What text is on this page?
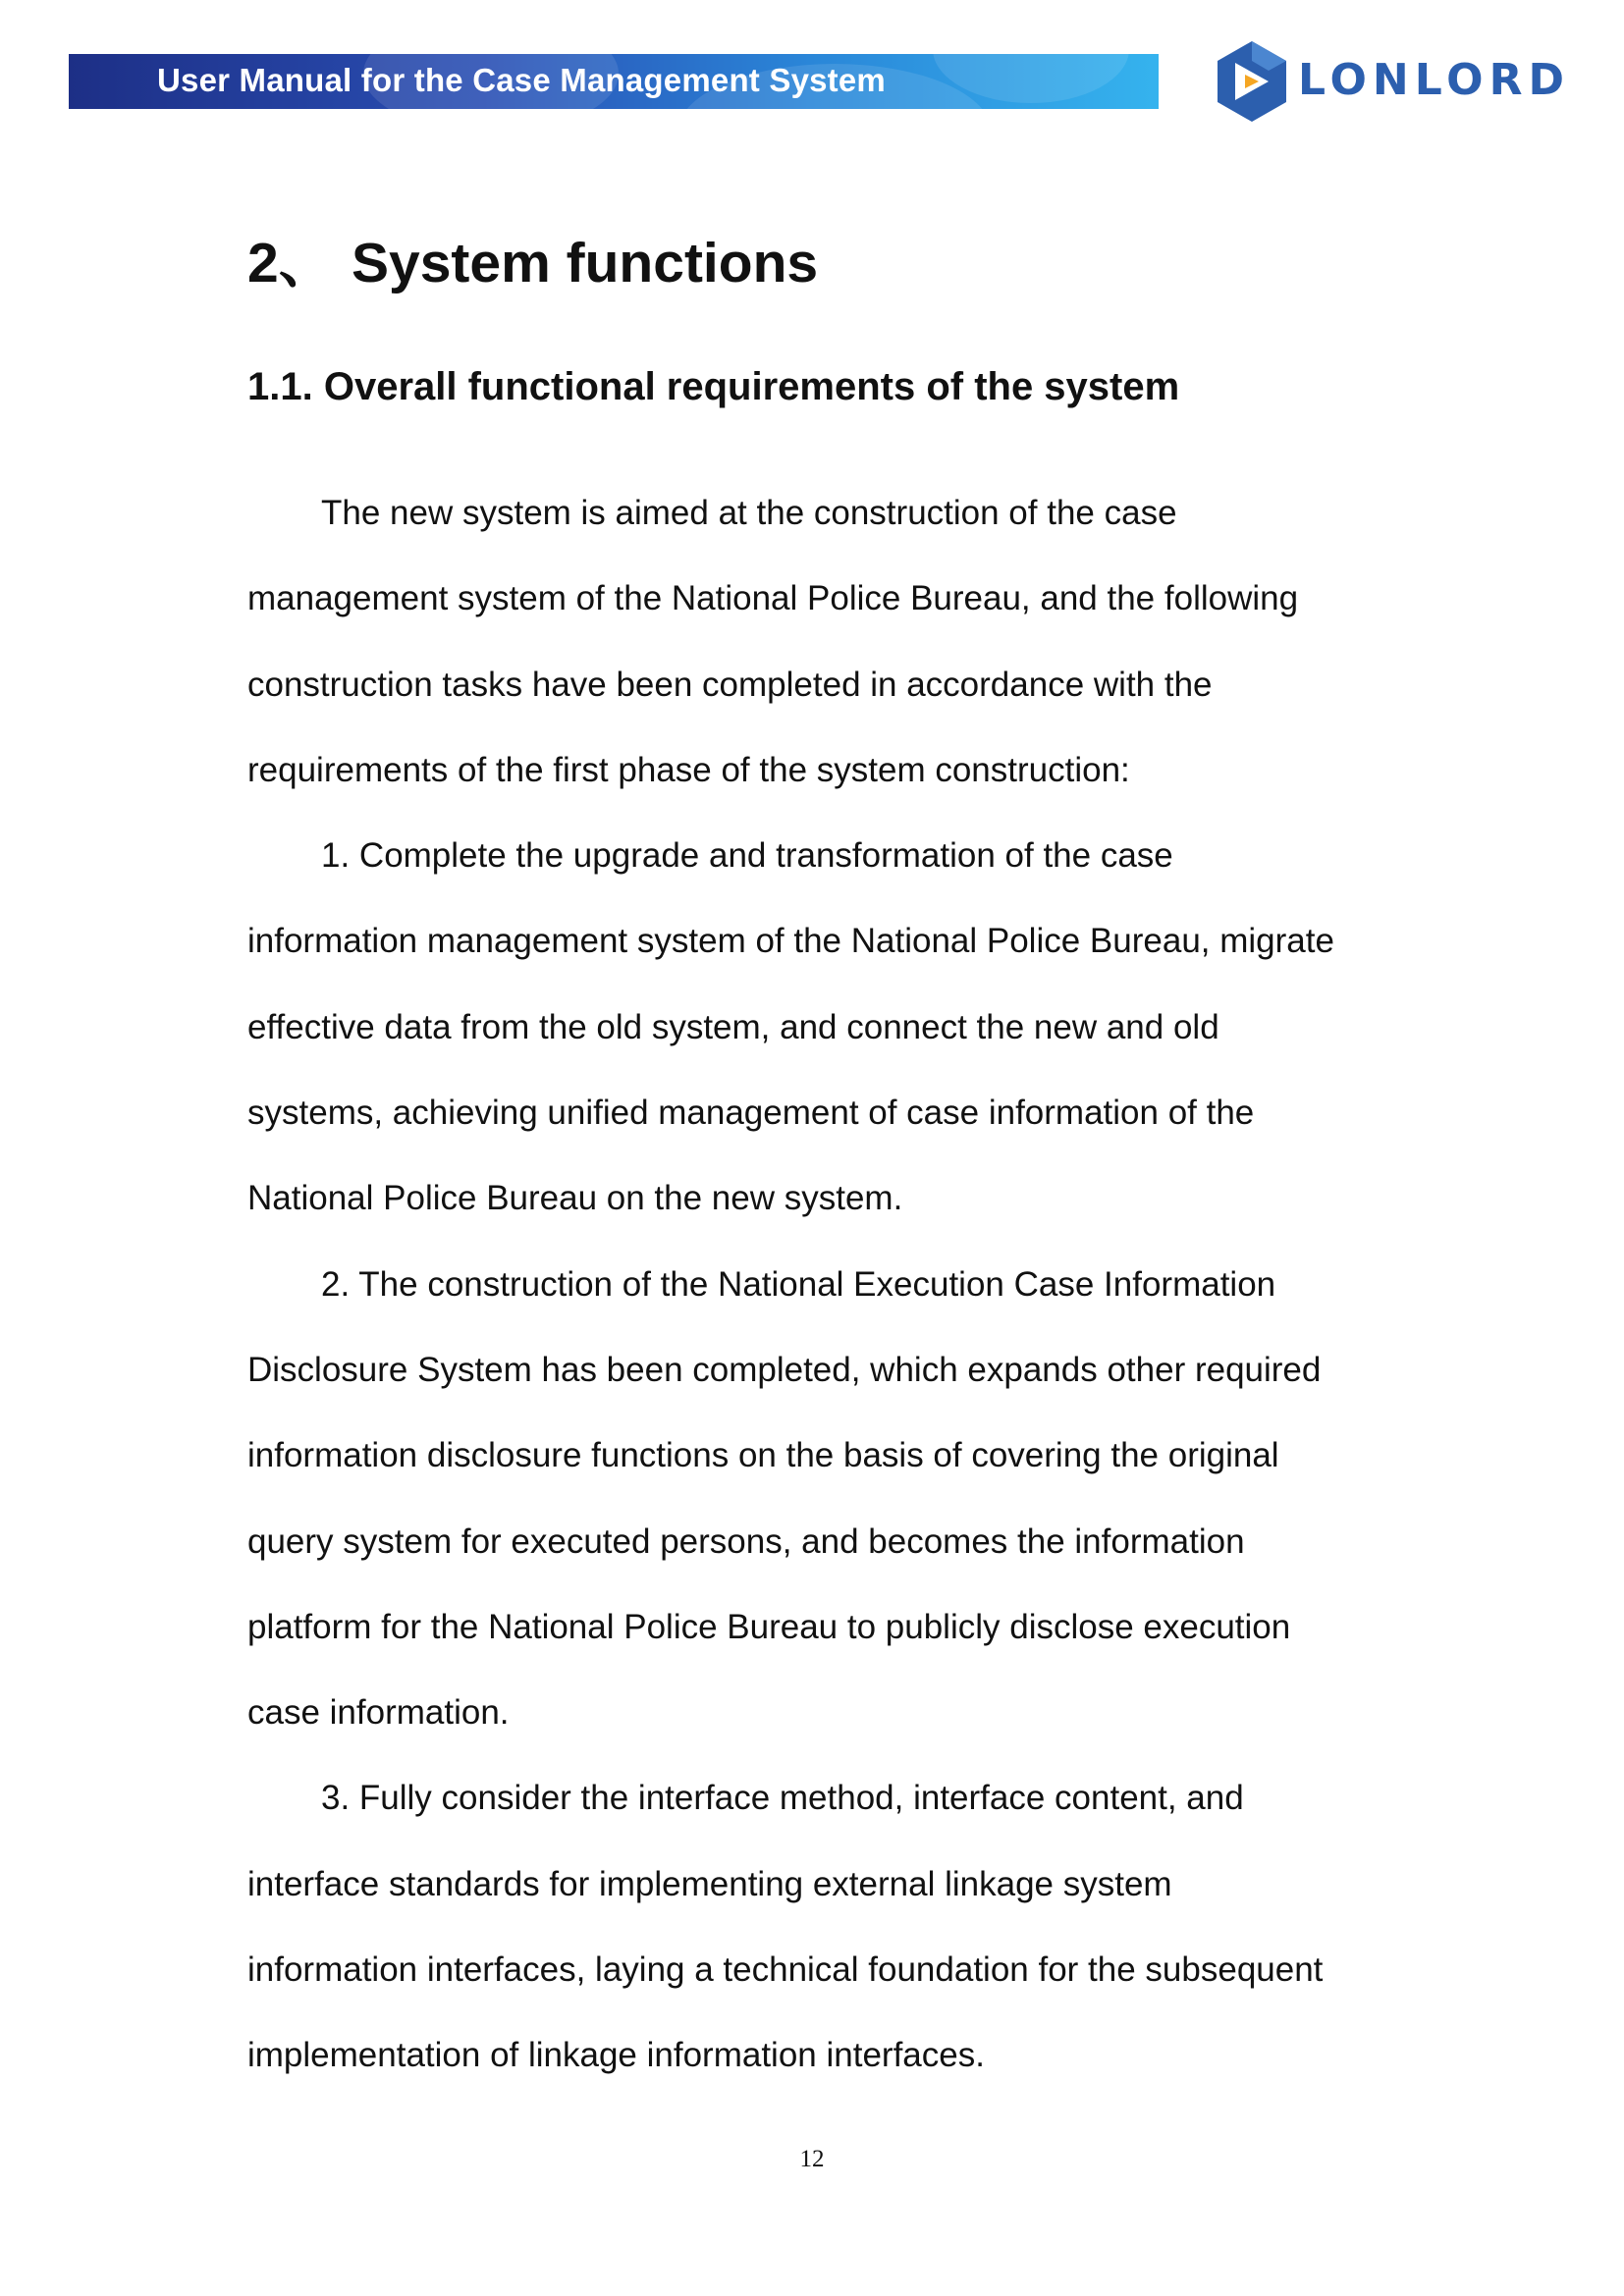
User Manual for the Case Management System	LONLORD
2、 System functions
1.1. Overall functional requirements of the system
The new system is aimed at the construction of the case
management system of the National Police Bureau, and the following
construction tasks have been completed in accordance with the
requirements of the first phase of the system construction:
1. Complete the upgrade and transformation of the case
information management system of the National Police Bureau, migrate
effective data from the old system, and connect the new and old
systems, achieving unified management of case information of the
National Police Bureau on the new system.
2. The construction of the National Execution Case Information
Disclosure System has been completed, which expands other required
information disclosure functions on the basis of covering the original
query system for executed persons, and becomes the information
platform for the National Police Bureau to publicly disclose execution
case information.
3. Fully consider the interface method, interface content, and
interface standards for implementing external linkage system
information interfaces, laying a technical foundation for the subsequent
implementation of linkage information interfaces.
12
